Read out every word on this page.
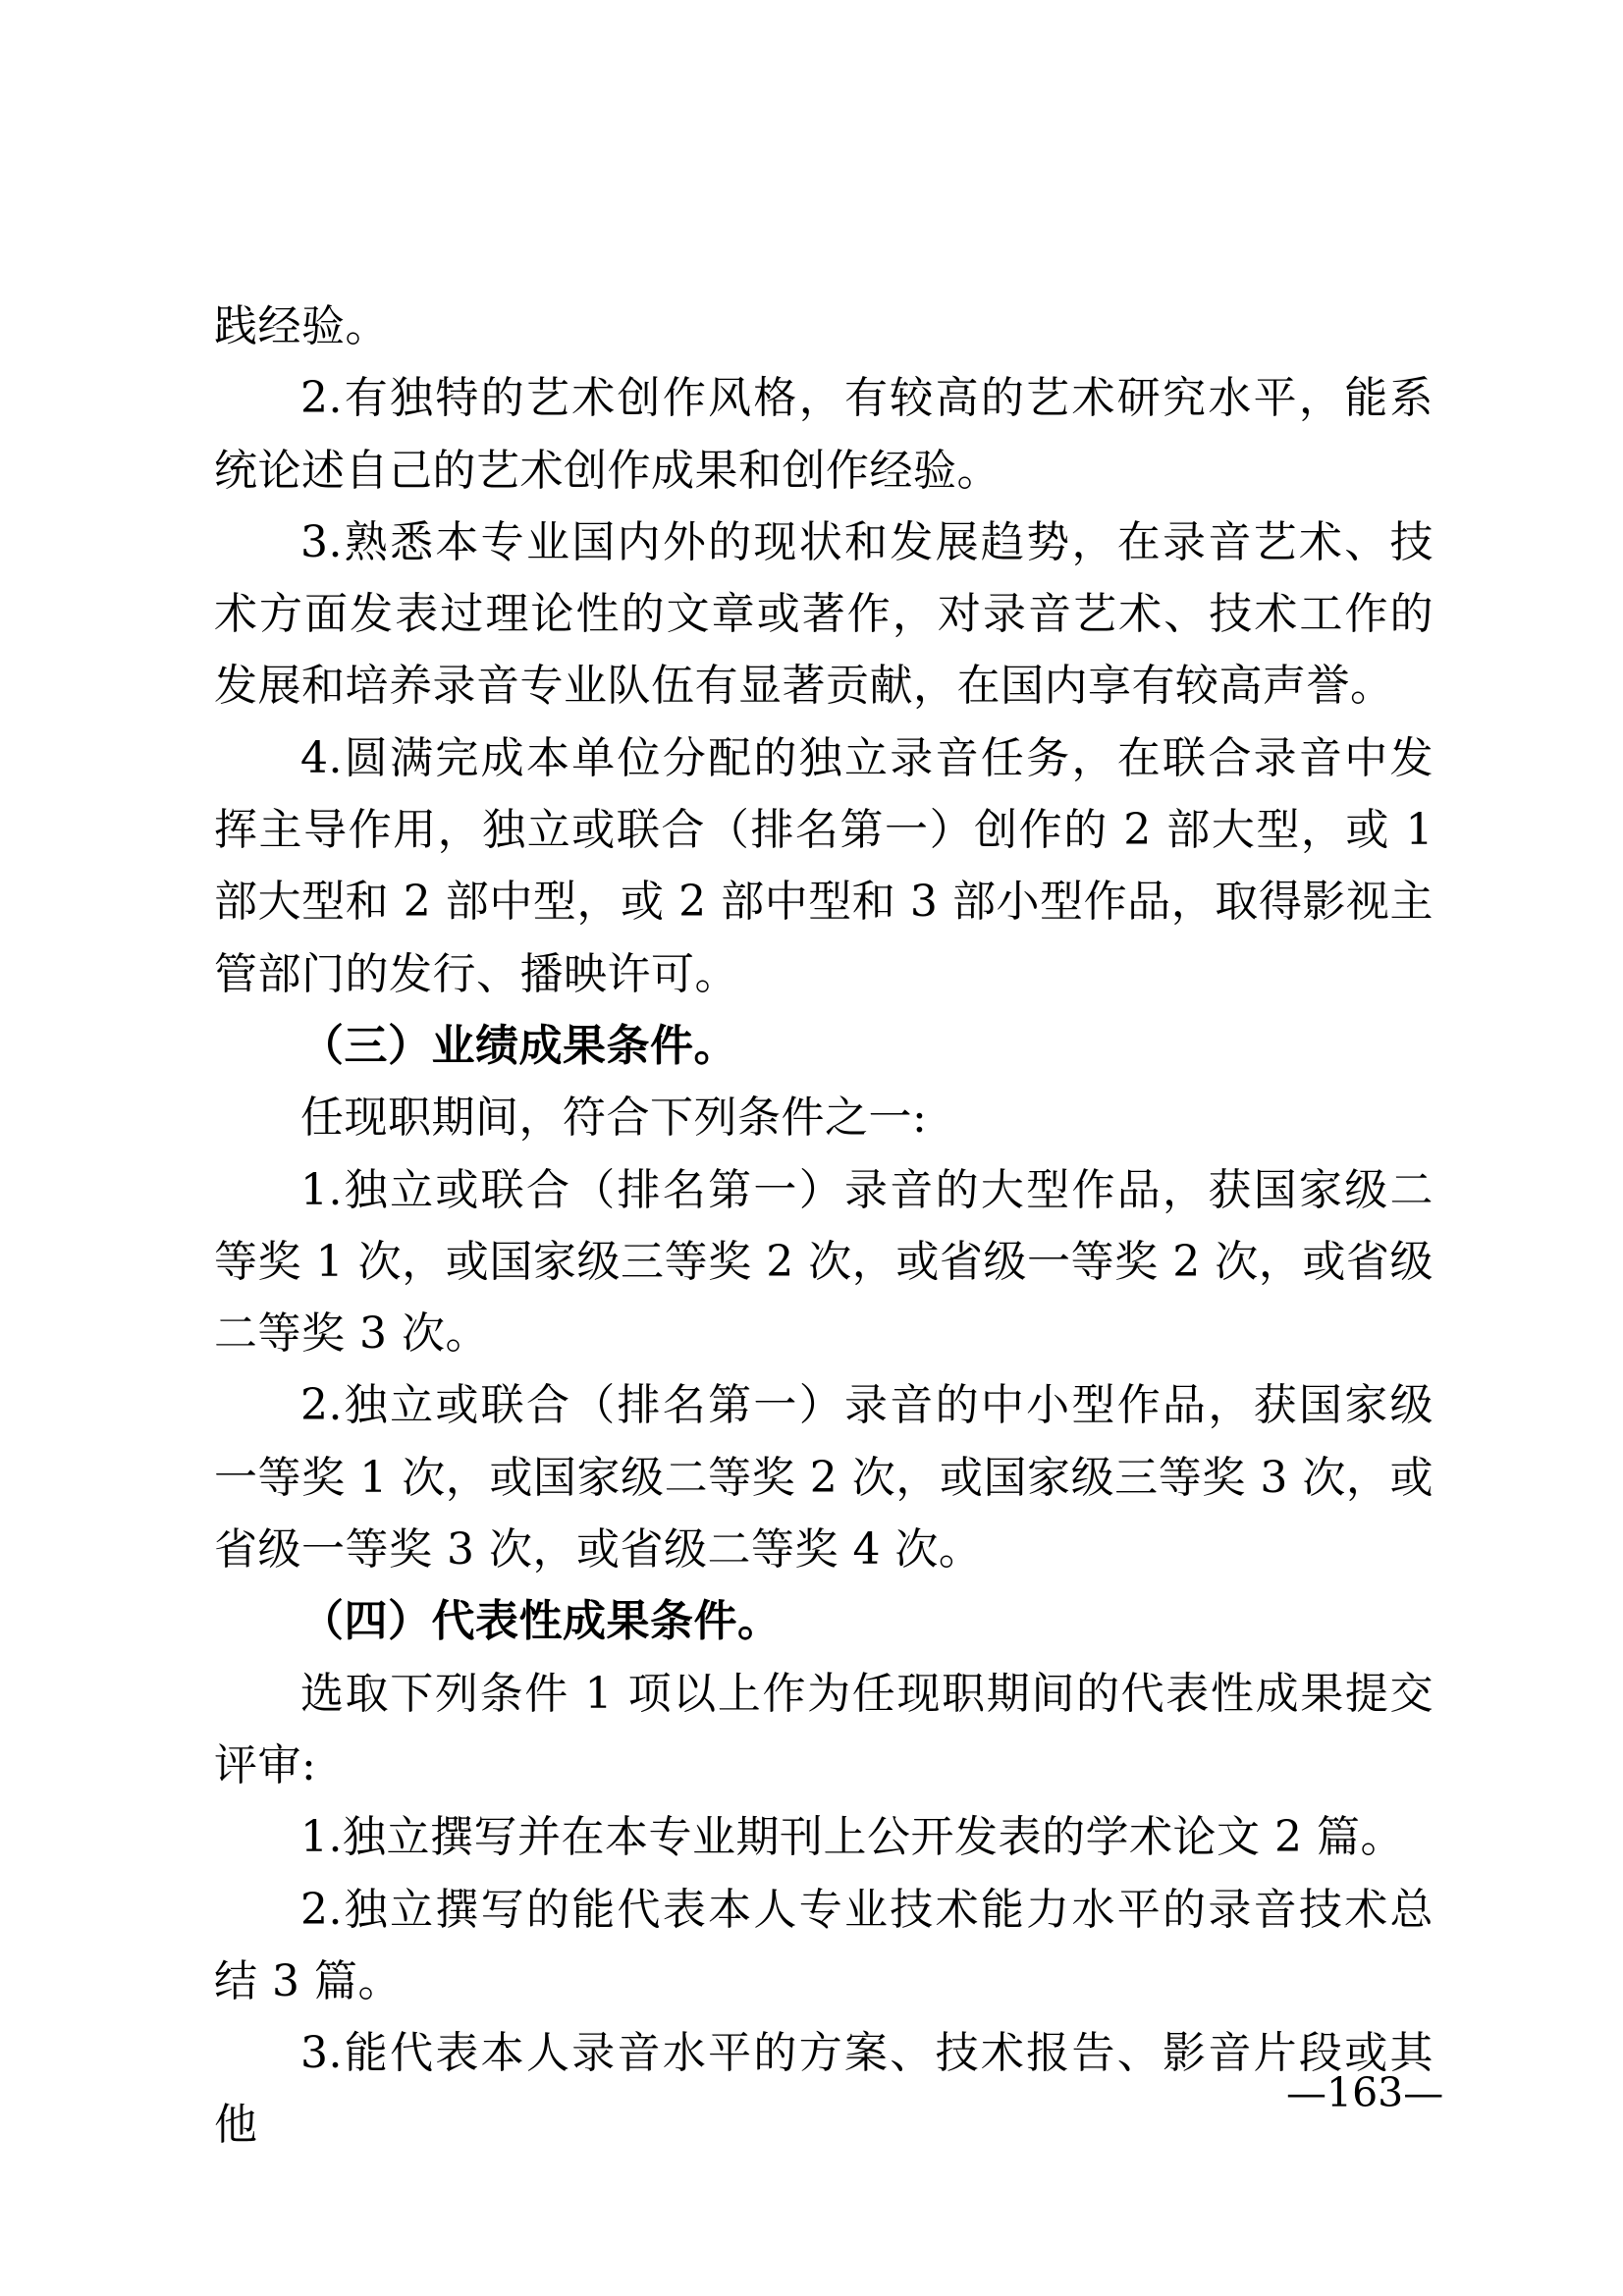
践经验。

2.有独特的艺术创作风格，有较高的艺术研究水平，能系统论述自己的艺术创作成果和创作经验。

3.熟悉本专业国内外的现状和发展趋势，在录音艺术、技术方面发表过理论性的文章或著作，对录音艺术、技术工作的发展和培养录音专业队伍有显著贡献，在国内享有较高声誉。

4.圆满完成本单位分配的独立录音任务，在联合录音中发挥主导作用，独立或联合（排名第一）创作的 2 部大型，或 1 部大型和 2 部中型，或 2 部中型和 3 部小型作品，取得影视主管部门的发行、播映许可。

（三）业绩成果条件。

任现职期间，符合下列条件之一:

1.独立或联合（排名第一）录音的大型作品，获国家级二等奖 1 次，或国家级三等奖 2 次，或省级一等奖 2 次，或省级二等奖 3 次。

2.独立或联合（排名第一）录音的中小型作品，获国家级一等奖 1 次，或国家级二等奖 2 次，或国家级三等奖 3 次，或省级一等奖 3 次，或省级二等奖 4 次。

（四）代表性成果条件。

选取下列条件 1 项以上作为任现职期间的代表性成果提交评审:

1.独立撰写并在本专业期刊上公开发表的学术论文 2 篇。

2.独立撰写的能代表本人专业技术能力水平的录音技术总结 3 篇。

3.能代表本人录音水平的方案、技术报告、影音片段或其他

—163—
